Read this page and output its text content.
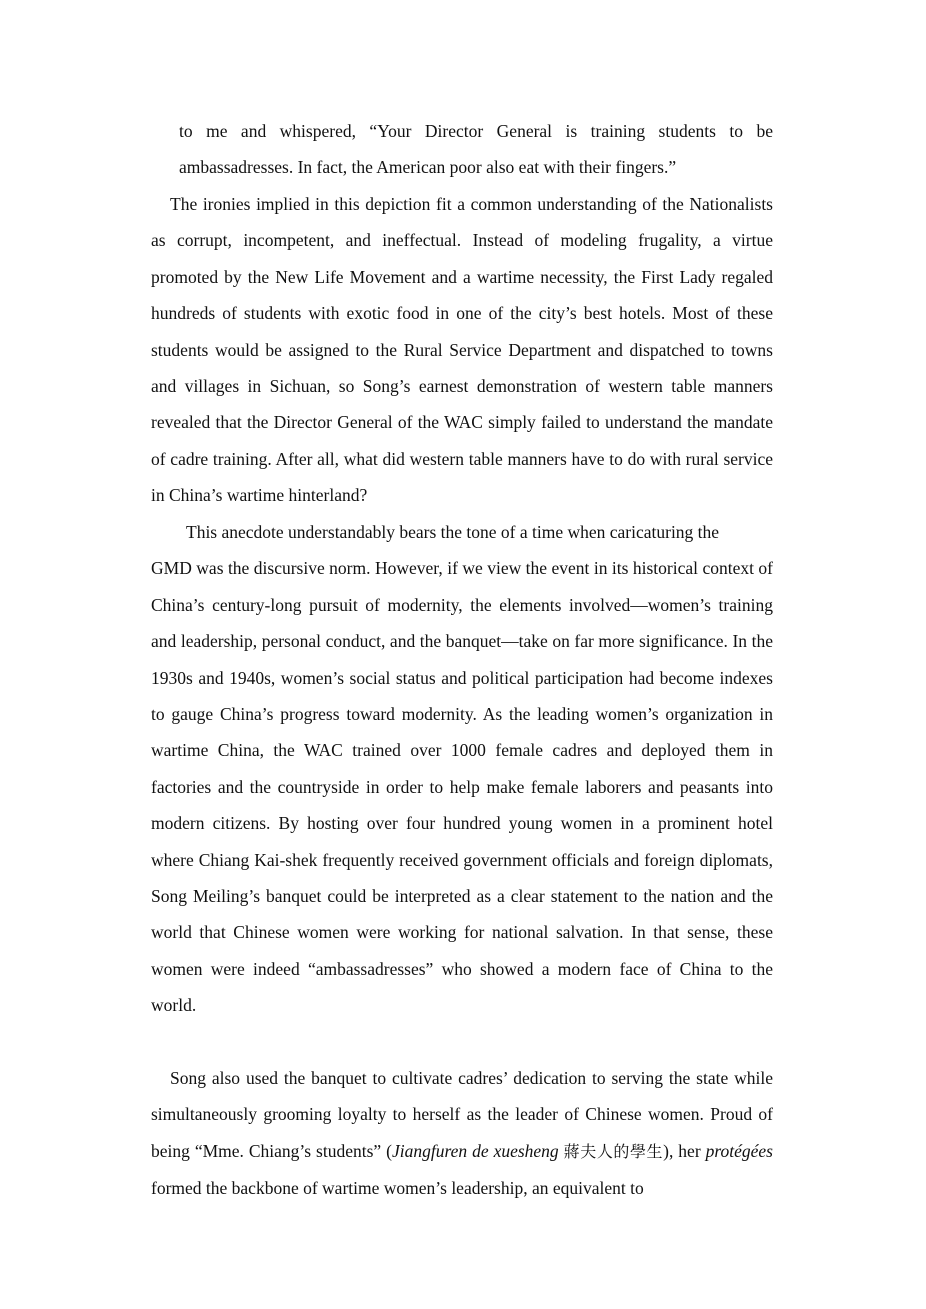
to me and whispered, “Your Director General is training students to be ambassadresses. In fact, the American poor also eat with their fingers.”

The ironies implied in this depiction fit a common understanding of the Nationalists as corrupt, incompetent, and ineffectual. Instead of modeling frugality, a virtue promoted by the New Life Movement and a wartime necessity, the First Lady regaled hundreds of students with exotic food in one of the city’s best hotels. Most of these students would be assigned to the Rural Service Department and dispatched to towns and villages in Sichuan, so Song’s earnest demonstration of western table manners revealed that the Director General of the WAC simply failed to understand the mandate of cadre training. After all, what did western table manners have to do with rural service in China’s wartime hinterland?

This anecdote understandably bears the tone of a time when caricaturing the
GMD was the discursive norm. However, if we view the event in its historical context of China’s century-long pursuit of modernity, the elements involved—women’s training and leadership, personal conduct, and the banquet—take on far more significance. In the 1930s and 1940s, women’s social status and political participation had become indexes to gauge China’s progress toward modernity. As the leading women’s organization in wartime China, the WAC trained over 1000 female cadres and deployed them in factories and the countryside in order to help make female laborers and peasants into modern citizens. By hosting over four hundred young women in a prominent hotel where Chiang Kai-shek frequently received government officials and foreign diplomats, Song Meiling’s banquet could be interpreted as a clear statement to the nation and the world that Chinese women were working for national salvation. In that sense, these women were indeed “ambassadresses” who showed a modern face of China to the world.

Song also used the banquet to cultivate cadres’ dedication to serving the state while simultaneously grooming loyalty to herself as the leader of Chinese women. Proud of being “Mme. Chiang’s students” (Jiangfuren de xuesheng 蔣夫人的學生), her protégées formed the backbone of wartime women’s leadership, an equivalent to
